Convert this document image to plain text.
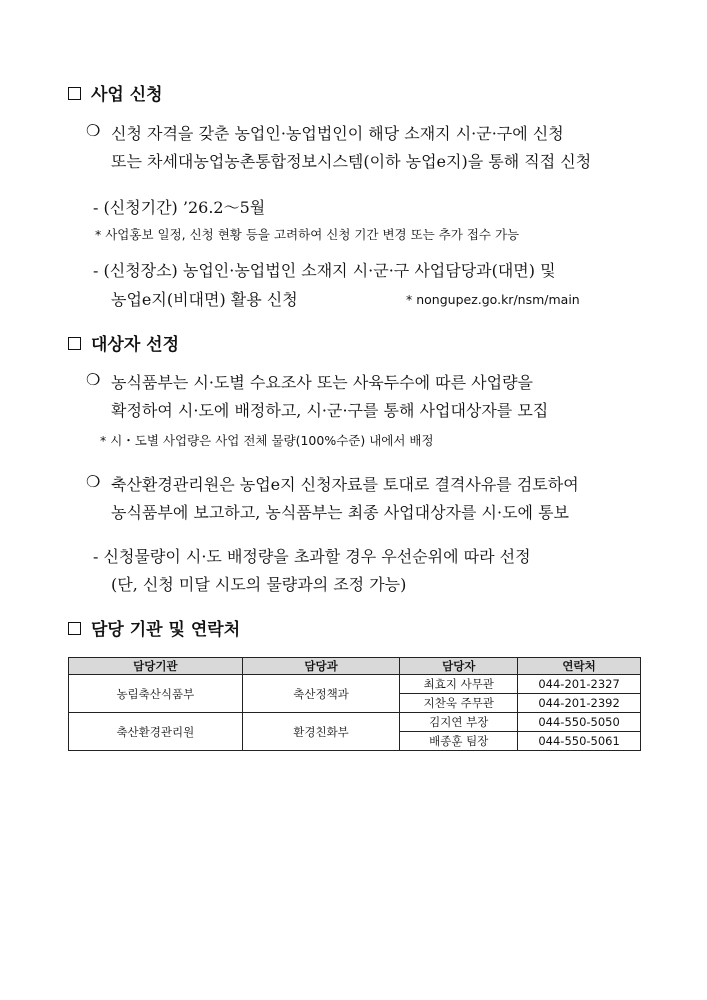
사업 신청
❍ 신청 자격을 갖춘 농업인·농업법인이 해당 소재지 시·군·구에 신청
또는 차세대농업농촌통합정보시스템(이하 농업e지)을 통해 직접 신청
- (신청기간) ’26.2～5월
* 사업홍보 일정, 신청 현황 등을 고려하여 신청 기간 변경 또는 추가 접수 가능
- (신청장소) 농업인·농업법인 소재지 시·군·구 사업담당과(대면) 및
농업e지(비대면) 활용 신청	* nongupez.go.kr/nsm/main
대상자 선정
❍ 농식품부는 시·도별 수요조사 또는 사육두수에 따른 사업량을
확정하여 시·도에 배정하고, 시·군·구를 통해 사업대상자를 모집
* 시・도별 사업량은 사업 전체 물량(100%수준) 내에서 배정
❍ 축산환경관리원은 농업e지 신청자료를 토대로 결격사유를 검토하여
농식품부에 보고하고, 농식품부는 최종 사업대상자를 시·도에 통보
- 신청물량이 시·도 배정량을 초과할 경우 우선순위에 따라 선정
(단, 신청 미달 시도의 물량과의 조정 가능)
담당 기관 및 연락처
담당기관	담당과	담당자	연락처
농림축산식품부	축산정책과	최효지 사무관	044-201-2327
		지찬욱 주무관	044-201-2392
축산환경관리원	환경친화부	김지연 부장	044-550-5050
		배종훈 팀장	044-550-5061
